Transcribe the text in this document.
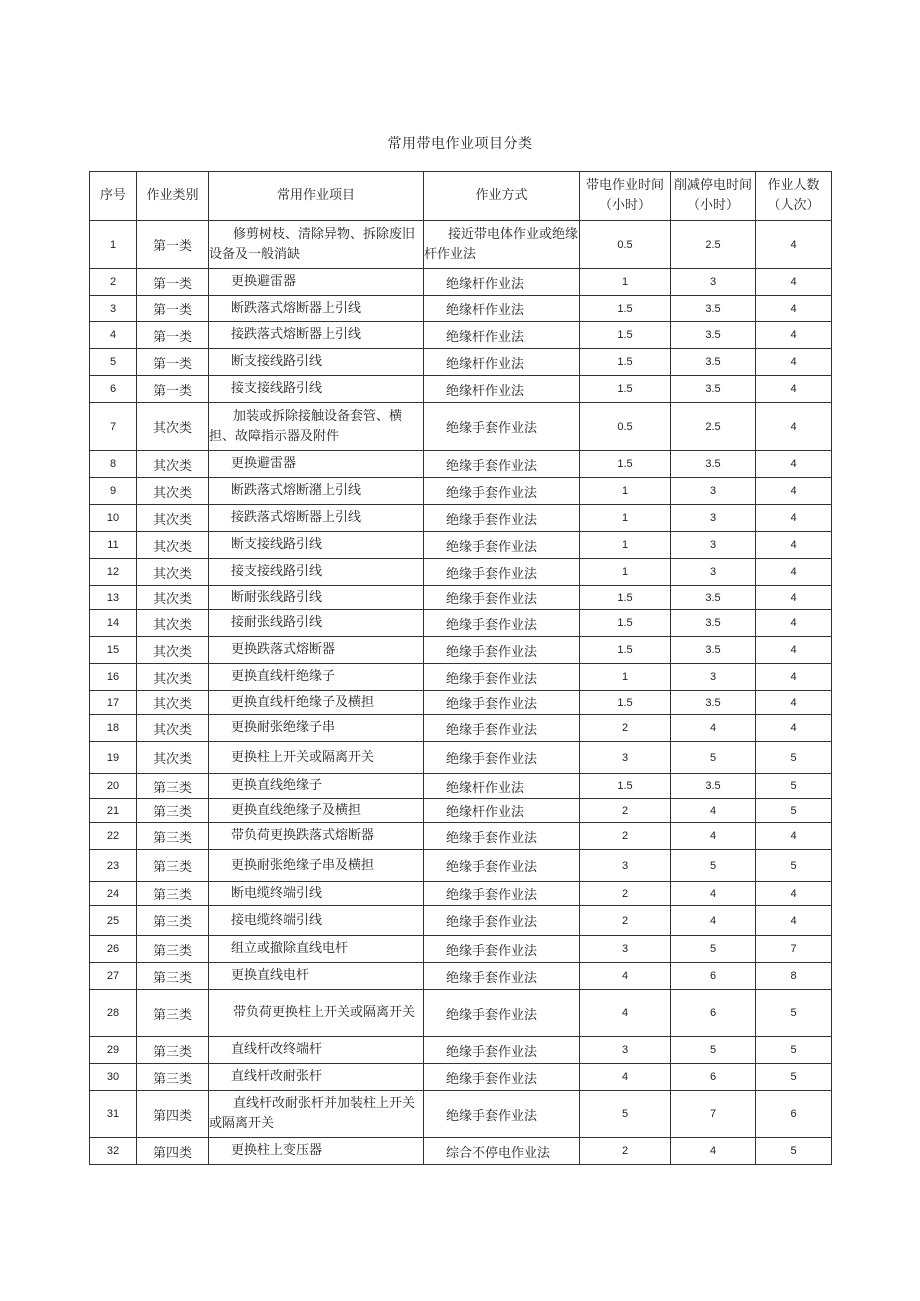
常用带电作业项目分类
序号	作业类别	常用作业项目	作业方式	带电作业时间（小时）	削减停电时间（小时）	作业人数（人次）
1	第一类	修剪树枝、清除异物、拆除废旧设备及一般消缺	接近带电体作业或绝缘杆作业法	0.5	2.5	4
2	第一类	更换避雷器	绝缘杆作业法	1	3	4
3	第一类	断跌落式熔断器上引线	绝缘杆作业法	1.5	3.5	4
4	第一类	接跌落式熔断器上引线	绝缘杆作业法	1.5	3.5	4
5	第一类	断支接线路引线	绝缘杆作业法	1.5	3.5	4
6	第一类	接支接线路引线	绝缘杆作业法	1.5	3.5	4
7	其次类	加装或拆除接触设备套管、横担、故障指示器及附件	绝缘手套作业法	0.5	2.5	4
8	其次类	更换避雷器	绝缘手套作业法	1.5	3.5	4
9	其次类	断跌落式熔断潴上引线	绝缘手套作业法	1	3	4
10	其次类	接跌落式熔断器上引线	绝缘手套作业法	1	3	4
11	其次类	断支接线路引线	绝缘手套作业法	1	3	4
12	其次类	接支接线路引线	绝缘手套作业法	1	3	4
13	其次类	断耐张线路引线	绝缘手套作业法	1.5	3.5	4
14	其次类	接耐张线路引线	绝缘手套作业法	1.5	3.5	4
15	其次类	更换跌落式熔断器	绝缘手套作业法	1.5	3.5	4
16	其次类	更换直线杆绝缘子	绝缘手套作业法	1	3	4
17	其次类	更换直线杆绝缘子及横担	绝缘手套作业法	1.5	3.5	4
18	其次类	更换耐张绝缘子串	绝缘手套作业法	2	4	4
19	其次类	更换柱上开关或隔离开关	绝缘手套作业法	3	5	5
20	第三类	更换直线绝缘子	绝缘杆作业法	1.5	3.5	5
21	第三类	更换直线绝缘子及横担	绝缘杆作业法	2	4	5
22	第三类	带负荷更换跌落式熔断器	绝缘手套作业法	2	4	4
23	第三类	更换耐张绝缘子串及横担	绝缘手套作业法	3	5	5
24	第三类	断电缆终端引线	绝缘手套作业法	2	4	4
25	第三类	接电缆终端引线	绝缘手套作业法	2	4	4
26	第三类	组立或撤除直线电杆	绝缘手套作业法	3	5	7
27	第三类	更换直线电杆	绝缘手套作业法	4	6	8
28	第三类	带负荷更换柱上开关或隔离开关	绝缘手套作业法	4	6	5
29	第三类	直线杆改终端杆	绝缘手套作业法	3	5	5
30	第三类	直线杆改耐张杆	绝缘手套作业法	4	6	5
31	第四类	直线杆改耐张杆并加装柱上开关或隔离开关	绝缘手套作业法	5	7	6
32	第四类	更换柱上变压器	综合不停电作业法	2	4	5
